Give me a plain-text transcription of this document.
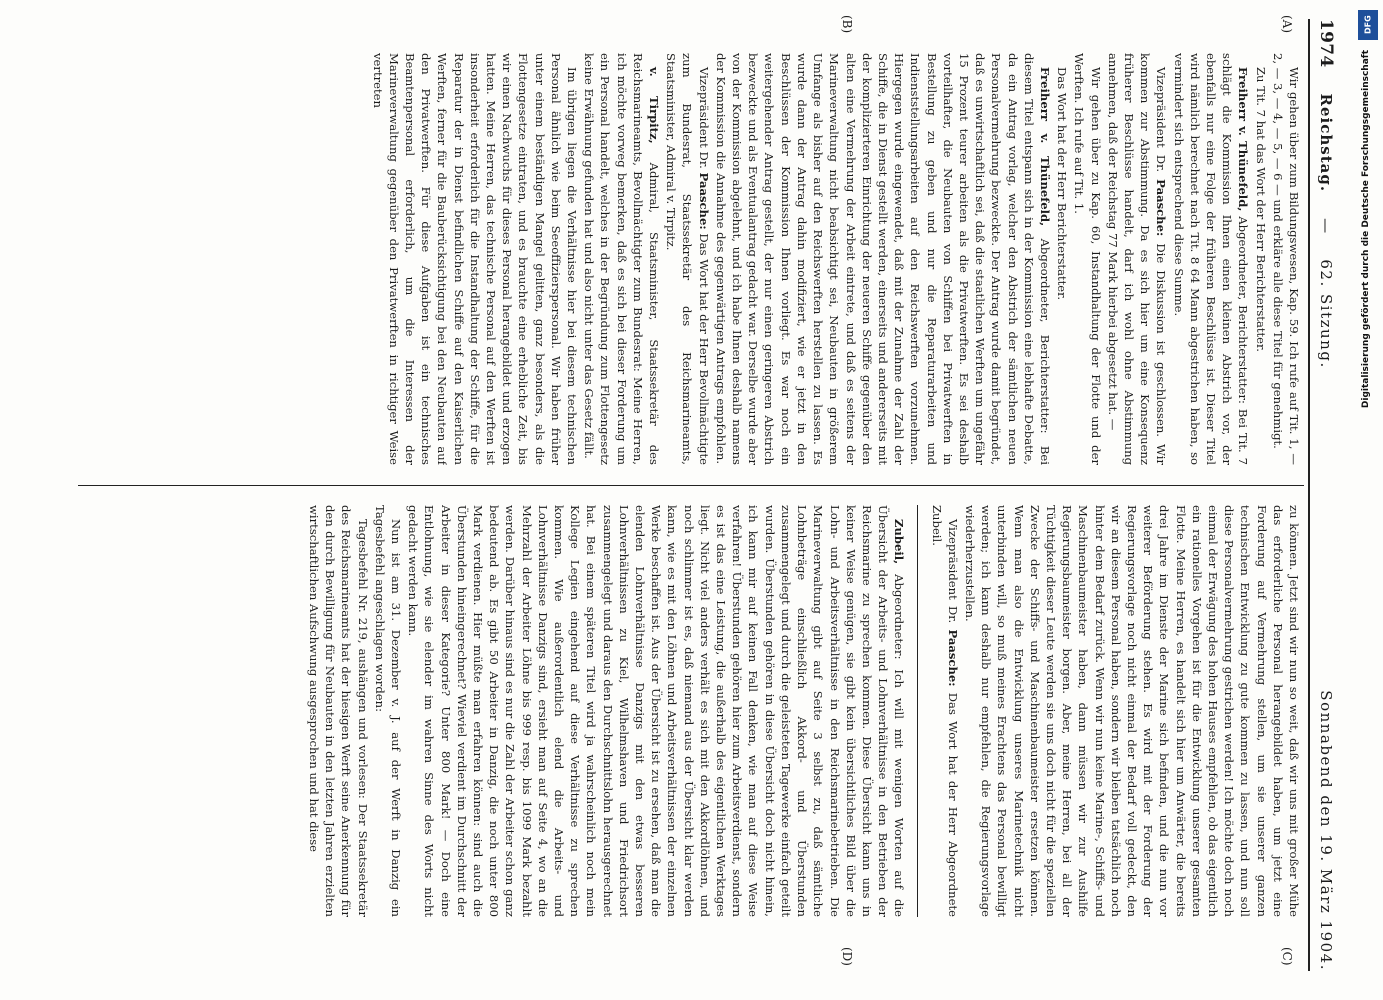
1974
Reichstag.
—
62. Sitzung.
Sonnabend den 19. März 1904.
(A)
(B)
(C)
(D)

Wir gehen über zum Bildungswesen, Kap. 59. Ich rufe auf Tit. 1, — 2, — 3, — 4, — 5, — 6 — und erkläre alle diese Titel für genehmigt.

Zu Tit. 7 hat das Wort der Herr Berichterstatter.

Freiherr v. Thünefeld, Abgeordneter, Berichterstatter: Bei Tit. 7 schlägt die Kommission Ihnen einen kleinen Abstrich vor, der ebenfalls nur eine Folge der früheren Beschlüsse ist. Dieser Titel wird nämlich berechnet nach Tit. 8 64 Mann abgestrichen haben, so vermindert sich entsprechend diese Summe.

Vizepräsident Dr. Paasche: Die Diskussion ist geschlossen. Wir kommen zur Abstimmung. Da es sich hier um eine Konsequenz früherer Beschlüsse handelt, darf ich wohl ohne Abstimmung annehmen, daß der Reichstag 77 Mark hierbei abgesetzt hat. —

Wir gehen über zu Kap. 60, Instandhaltung der Flotte und der Werften. Ich rufe auf Tit. 1.

Das Wort hat der Herr Berichterstatter.

Freiherr v. Thünefeld, Abgeordneter, Berichterstatter: Bei diesem Titel entspann sich in der Kommission eine lebhafte Debatte, da ein Antrag vorlag, welcher den Abstrich der sämtlichen neuen Personalvermehrung bezweckte. Der Antrag wurde damit begründet, daß es unwirtschaftlich sei, daß die staatlichen Werften um ungefähr 15 Prozent teurer arbeiten als die Privatwerften. Es sei deshalb vorteilhafter, die Neubauten von Schiffen bei Privatwerften in Bestellung zu geben und nur die Reparaturarbeiten und Indienststellungsarbeiten auf den Reichswerften vorzunehmen. Hiergegen wurde eingewendet, daß mit der Zunahme der Zahl der Schiffe, die in Dienst gestellt werden, einerseits und andererseits mit der komplizierteren Einrichtung der neueren Schiffe gegenüber den alten eine Vermehrung der Arbeit eintrete, und daß es seitens der Marineverwaltung nicht beabsichtigt sei, Neubauten in größerem Umfange als bisher auf den Reichswerften herstellen zu lassen. Es wurde dann der Antrag dahin modifiziert, wie er jetzt in den Beschlüssen der Kommission Ihnen vorliegt. Es war noch ein weitergehender Antrag gestellt, der nur einen geringeren Abstrich bezweckte und als Eventualantrag gedacht war. Derselbe wurde aber von der Kommission abgelehnt, und ich habe Ihnen deshalb namens der Kommission die Annahme des gegenwärtigen Antrags empfohlen.

Vizepräsident Dr. Paasche: Das Wort hat der Herr Bevollmächtigte zum Bundesrat, Staatssekretär des Reichsmarineamts, Staatsminister, Admiral v. Tirpitz.

v. Tirpitz, Admiral, Staatsminister, Staatssekretär des Reichsmarineamts, Bevollmächtigter zum Bundesrat: Meine Herren, ich möchte vorweg bemerken, daß es sich bei dieser Forderung um ein Personal handelt, welches in der Begründung zum Flottengesetz keine Erwähnung gefunden hat und also nicht unter das Gesetz fällt.

Im übrigen liegen die Verhältnisse hier bei diesem technischen Personal ähnlich wie beim Seeoffizierspersonal. Wir haben früher unter einem beständigen Mangel gelitten, ganz besonders, als die Flottengesetze eintraten, und es brauchte eine erhebliche Zeit, bis wir einen Nachwuchs für dieses Personal herangebildet und erzogen hatten. Meine Herren, das technische Personal auf den Werften ist insonderheit erforderlich für die Instandhaltung der Schiffe, für die Reparatur der in Dienst befindlichen Schiffe auf den Kaiserlichen Werften, ferner für die Bauberücksichtigung bei den Neubauten auf den Privatwerften. Für diese Aufgaben ist ein technisches Beamtenpersonal erforderlich, um die Interessen der Marineverwaltung gegenüber den Privatwerften in richtiger Weise vertreten

zu können. Jetzt sind wir nun so weit, daß wir uns mit großer Mühe das erforderliche Personal herangebildet haben, um jetzt eine Forderung auf Vermehrung stellen, um sie unserer ganzen technischen Entwicklung zu gute kommen zu lassen, und nun soll diese Personalvermehrung gestrichen werden! Ich möchte doch noch einmal der Erwägung des hohen Hauses empfehlen, ob das eigentlich ein rationelles Vorgehen ist für die Entwicklung unserer gesamten Flotte. Meine Herren, es handelt sich hier um Anwärter, die bereits drei Jahre im Dienste der Marine sich befinden, und die nun vor weiterer Beförderung stehen. Es wird mit der Forderung der Regierungsvorlage noch nicht einmal der Bedarf voll gedeckt, den wir an diesem Personal haben, sondern wir bleiben tatsächlich noch hinter dem Bedarf zurück. Wenn wir nun keine Marine-, Schiffs- und Maschinenbaumeister haben, dann müssen wir zur Aushilfe Regierungsbaumeister borgen. Aber, meine Herren, bei all der Tüchtigkeit dieser Leute werden sie uns doch nicht für die speziellen Zwecke der Schiffs- und Maschinenbaumeister ersetzen können. Wenn man also die Entwicklung unseres Marinetechnik nicht unterbinden will, so muß meines Erachtens das Personal bewilligt werden; ich kann deshalb nur empfehlen, die Regierungsvorlage wiederherzustellen.

Vizepräsident Dr. Paasche: Das Wort hat der Herr Abgeordnete Zubeil.

Zubeil, Abgeordneter: Ich will mit wenigen Worten auf die Übersicht der Arbeits- und Lohnverhältnisse in den Betrieben der Reichsmarine zu sprechen kommen. Diese Übersicht kann uns in keiner Weise genügen, sie gibt kein übersichtliches Bild über die Lohn- und Arbeitsverhältnisse in den Reichsmarinebetrieben. Die Marineverwaltung gibt auf Seite 3 selbst zu, daß sämtliche Lohnbeträge einschließlich Akkord- und Überstunden zusammengelegt und durch die geleisteten Tagewerke einfach geteilt wurden. Überstunden gehören in diese Übersicht doch nicht hinein, ich kann mir auf keinen Fall denken, wie man auf diese Weise verfahren! Überstunden gehören hier zum Arbeitsverdienst, sondern es ist das eine Leistung, die außerhalb des eigentlichen Werktages liegt. Nicht viel anders verhält es sich mit den Akkordlöhnen, und noch schlimmer ist es, daß niemand aus der Übersicht klar werden kann, wie es mit den Löhnen und Arbeitsverhältnissen der einzelnen Werke beschaffen ist. Aus der Übersicht ist zu ersehen, daß man die elenden Lohnverhältnisse Danzigs mit den etwas besseren Lohnverhältnissen zu Kiel, Wilhelmshaven und Friedrichsort zusammengelegt und daraus den Durchschnittslohn herausgerechnet hat. Bei einem späteren Titel wird ja wahrscheinlich noch mein Kollege Legien eingehend auf diese Verhältnisse zu sprechen kommen. Wie außerordentlich elend die Arbeits- und Lohnverhältnisse Danzigs sind, ersieht man auf Seite 4, wo an die Mehrzahl der Arbeiter Löhne bis 999 resp. bis 1099 Mark bezahlt werden. Darüber hinaus sind es nur die Zahl der Arbeiter schon ganz bedeutend ab. Es gibt 50 Arbeiter in Danzig, die noch unter 800 Mark verdienen. Hier müßte man erfahren können: sind auch die Überstunden hineingerechnet? Wieviel verdient im Durchschnitt der Arbeiter in dieser Kategorie? Unter 800 Mark! — Doch eine Entlohnung, wie sie elender im wahren Sinne des Worts nicht gedacht werden kann.

Nun ist am 31. Dezember v. J. auf der Werft in Danzig ein Tagesbefehl angeschlagen worden:

Tagesbefehl Nr. 219, aushängen und vorlesen: Der Staatssekretär des Reichsmarineamts hat der hiesigen Werft seine Anerkennung für den durch Bewilligung für Neubauten in den letzten Jahren erzielten wirtschaftlichen Aufschwung ausgesprochen und hat diese

DFG
Digitalisierung gefördert durch die Deutsche Forschungsgemeinschaft
